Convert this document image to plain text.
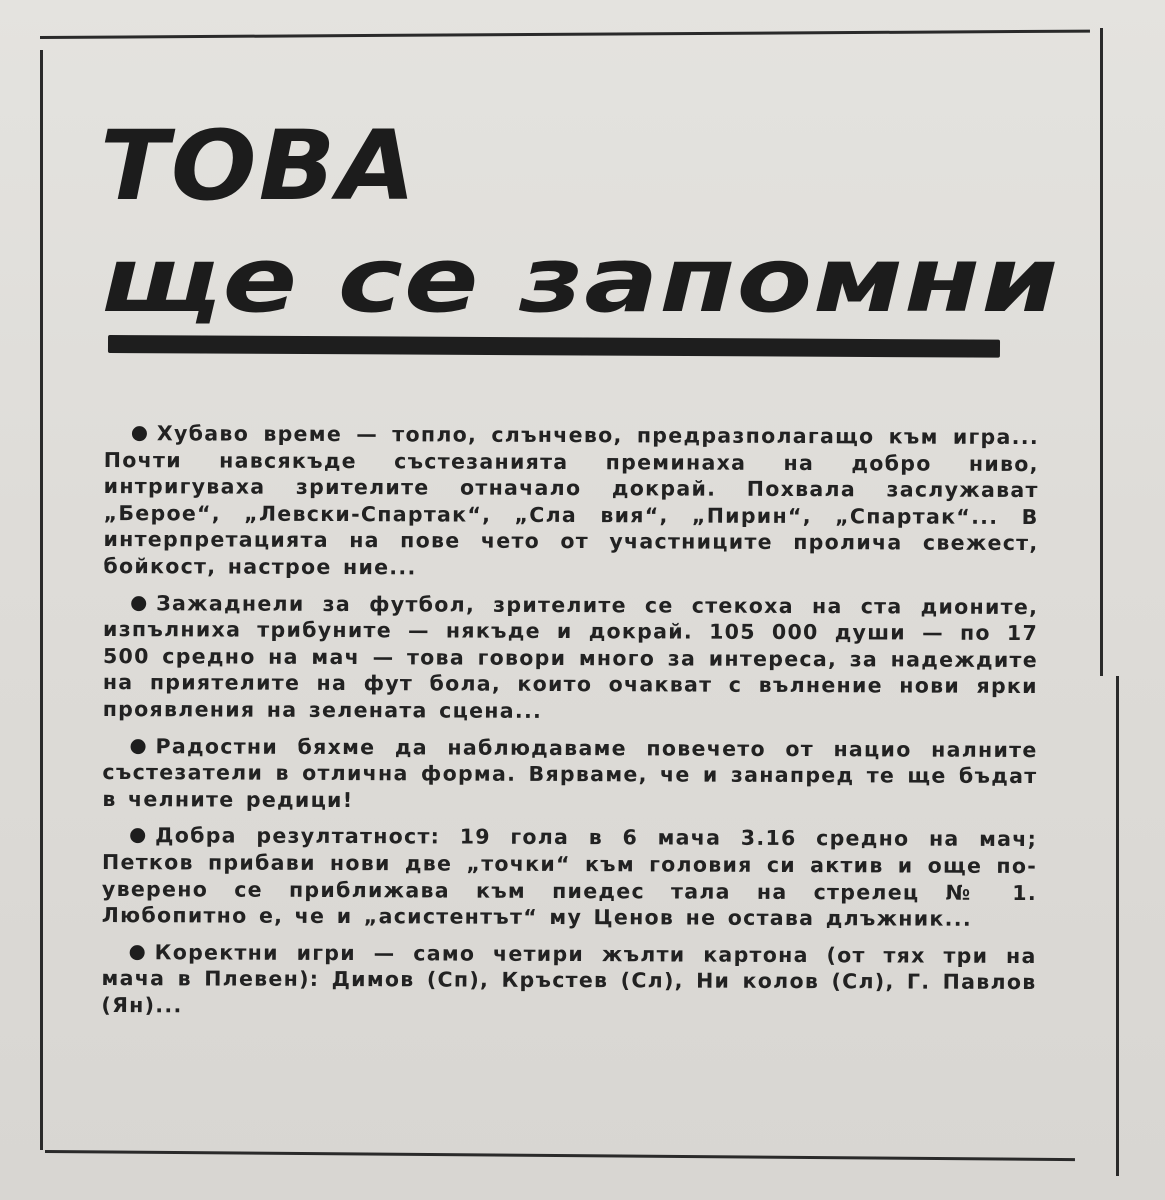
ТОВА
ще се запомни

Хубаво време — топло, слънчево, предразполагащо към игра... Почти навсякъде състезанията преминаха на добро ниво, интригуваха зрителите отначало докрай. Похвала заслужават „Берое“, „Левски-Спартак“, „Сла вия“, „Пирин“, „Спартак“... В интерпретацията на пове чето от участниците пролича свежест, бойкост, настрое ние...

Зажаднели за футбол, зрителите се стекоха на ста дионите, изпълниха трибуните — някъде и докрай. 105 000 души — по 17 500 средно на мач — това говори много за интереса, за надеждите на приятелите на фут бола, които очакват с вълнение нови ярки проявления на зелената сцена...

Радостни бяхме да наблюдаваме повечето от нацио налните състезатели в отлична форма. Вярваме, че и занапред те ще бъдат в челните редици!

Добра резултатност: 19 гола в 6 мача 3.16 средно на мач; Петков прибави нови две „точки“ към головия си актив и още по-уверено се приближава към пиедес тала на стрелец № 1. Любопитно е, че и „асистентът“ му Ценов не остава длъжник...

Коректни игри — само четири жълти картона (от тях три на мача в Плевен): Димов (Сп), Кръстев (Сл), Ни колов (Сл), Г. Павлов (Ян)...
